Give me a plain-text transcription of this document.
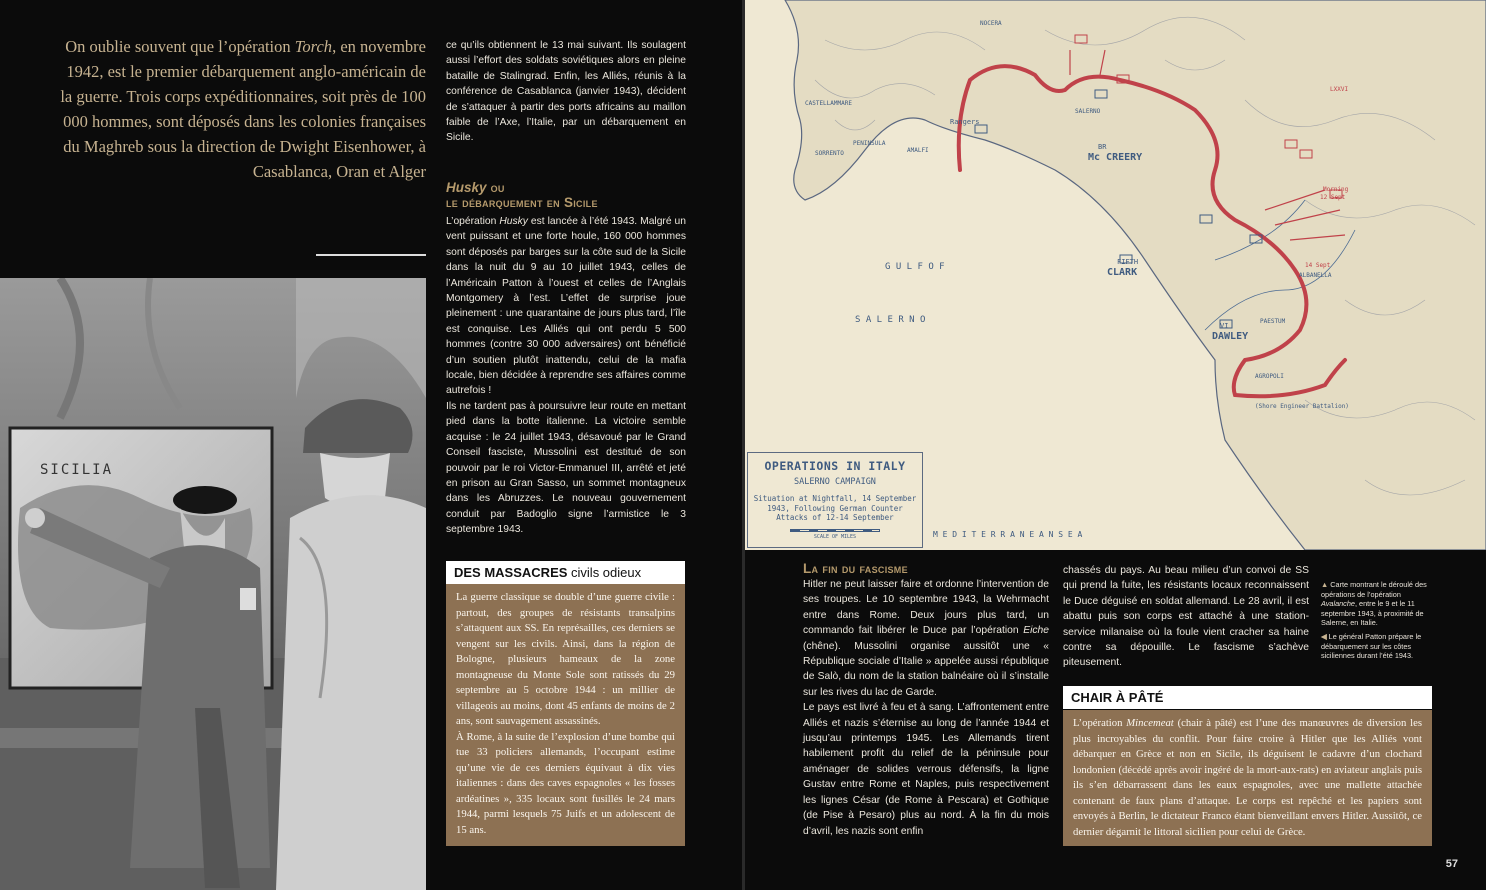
On oublie souvent que l’opération Torch, en novembre 1942, est le premier débarquement anglo-américain de la guerre. Trois corps expéditionnaires, soit près de 100 000 hommes, sont déposés dans les colonies françaises du Maghreb sous la direction de Dwight Eisenhower, à Casablanca, Oran et Alger
SICILIA

ce qu’ils obtiennent le 13 mai suivant. Ils soulagent aussi l’effort des soldats soviétiques alors en pleine bataille de Stalingrad. Enfin, les Alliés, réunis à la conférence de Casablanca (janvier 1943), décident de s’attaquer à partir des ports africains au maillon faible de l’Axe, l’Italie, par un débarquement en Sicile.

Husky ou
le débarquement en Sicile

L’opération Husky est lancée à l’été 1943. Malgré un vent puissant et une forte houle, 160 000 hommes sont déposés par barges sur la côte sud de la Sicile dans la nuit du 9 au 10 juillet 1943, celles de l’Américain Patton à l’ouest et celles de l’Anglais Montgomery à l’est. L’effet de surprise joue pleinement : une quarantaine de jours plus tard, l’île est conquise. Les Alliés qui ont perdu 5 500 hommes (contre 30 000 adversaires) ont bénéficié d’un soutien plutôt inattendu, celui de la mafia locale, bien décidée à reprendre ses affaires comme autrefois !

Ils ne tardent pas à poursuivre leur route en mettant pied dans la botte italienne. La victoire semble acquise : le 24 juillet 1943, désavoué par le Grand Conseil fasciste, Mussolini est destitué de son pouvoir par le roi Victor-Emmanuel III, arrêté et jeté en prison au Gran Sasso, un sommet montagneux dans les Abruzzes. Le nouveau gouvernement conduit par Badoglio signe l’armistice le 3 septembre 1943.

DES MASSACRES civils odieux

La guerre classique se double d’une guerre civile : partout, des groupes de résistants transalpins s’attaquent aux SS. En représailles, ces derniers se vengent sur les civils. Ainsi, dans la région de Bologne, plusieurs hameaux de la zone montagneuse du Monte Sole sont ratissés du 29 septembre au 5 octobre 1944 : un millier de villageois au moins, dont 45 enfants de moins de 2 ans, sont sauvagement assassinés.

À Rome, à la suite de l’explosion d’une bombe qui tue 33 policiers allemands, l’occupant estime qu’une vie de ces derniers équivaut à dix vies italiennes : dans des caves espagnoles « les fosses ardéatines », 335 locaux sont fusillés le 24 mars 1944, parmi lesquels 75 Juifs et un adolescent de 15 ans.

Rangers
NOCERA
CASTELLAMMARE
SORRENTO
PENINSULA
AMALFI
SALERNO
BR
Mc CREERY
FIFTH
CLARK
VI
DAWLEY
G U L F O F
S A L E R N O
M E D I T E R R A N E A N S E A
PAESTUM
AGROPOLI
(Shore Engineer Battalion)
Morning
12 Sept
14 Sept
ALBANELLA
LXXVI
OPERATIONS IN ITALY
SALERNO CAMPAIGN
Situation at Nightfall, 14 September
1943, Following German Counter
Attacks of 12-14 September
SCALE OF MILES
La fin du fascisme

Hitler ne peut laisser faire et ordonne l’intervention de ses troupes. Le 10 septembre 1943, la Wehrmacht entre dans Rome. Deux jours plus tard, un commando fait libérer le Duce par l’opération Eiche (chêne). Mussolini organise aussitôt une « République sociale d’Italie » appelée aussi république de Salò, du nom de la station balnéaire où il s’installe sur les rives du lac de Garde.

Le pays est livré à feu et à sang. L’affrontement entre Alliés et nazis s’éternise au long de l’année 1944 et jusqu’au printemps 1945. Les Allemands tirent habilement profit du relief de la péninsule pour aménager de solides verrous défensifs, la ligne Gustav entre Rome et Naples, puis respectivement les lignes César (de Rome à Pescara) et Gothique (de Pise à Pesaro) plus au nord. À la fin du mois d’avril, les nazis sont enfin

chassés du pays. Au beau milieu d’un convoi de SS qui prend la fuite, les résistants locaux reconnaissent le Duce déguisé en soldat allemand. Le 28 avril, il est abattu puis son corps est attaché à une station-service milanaise où la foule vient cracher sa haine contre sa dépouille. Le fascisme s’achève piteusement.

▲ Carte montrant le déroulé des opérations de l’opération Avalanche, entre le 9 et le 11 septembre 1943, à proximité de Salerne, en Italie.

◀ Le général Patton prépare le débarquement sur les côtes siciliennes durant l’été 1943.

CHAIR À PÂTÉ

L’opération Mincemeat (chair à pâté) est l’une des manœuvres de diversion les plus incroyables du conflit. Pour faire croire à Hitler que les Alliés vont débarquer en Grèce et non en Sicile, ils déguisent le cadavre d’un clochard londonien (décédé après avoir ingéré de la mort-aux-rats) en aviateur anglais puis ils s’en débarrassent dans les eaux espagnoles, avec une mallette attachée contenant de faux plans d’attaque. Le corps est repêché et les papiers sont envoyés à Berlin, le dictateur Franco étant bienveillant envers Hitler. Aussitôt, ce dernier dégarnit le littoral sicilien pour celui de Grèce.

57
